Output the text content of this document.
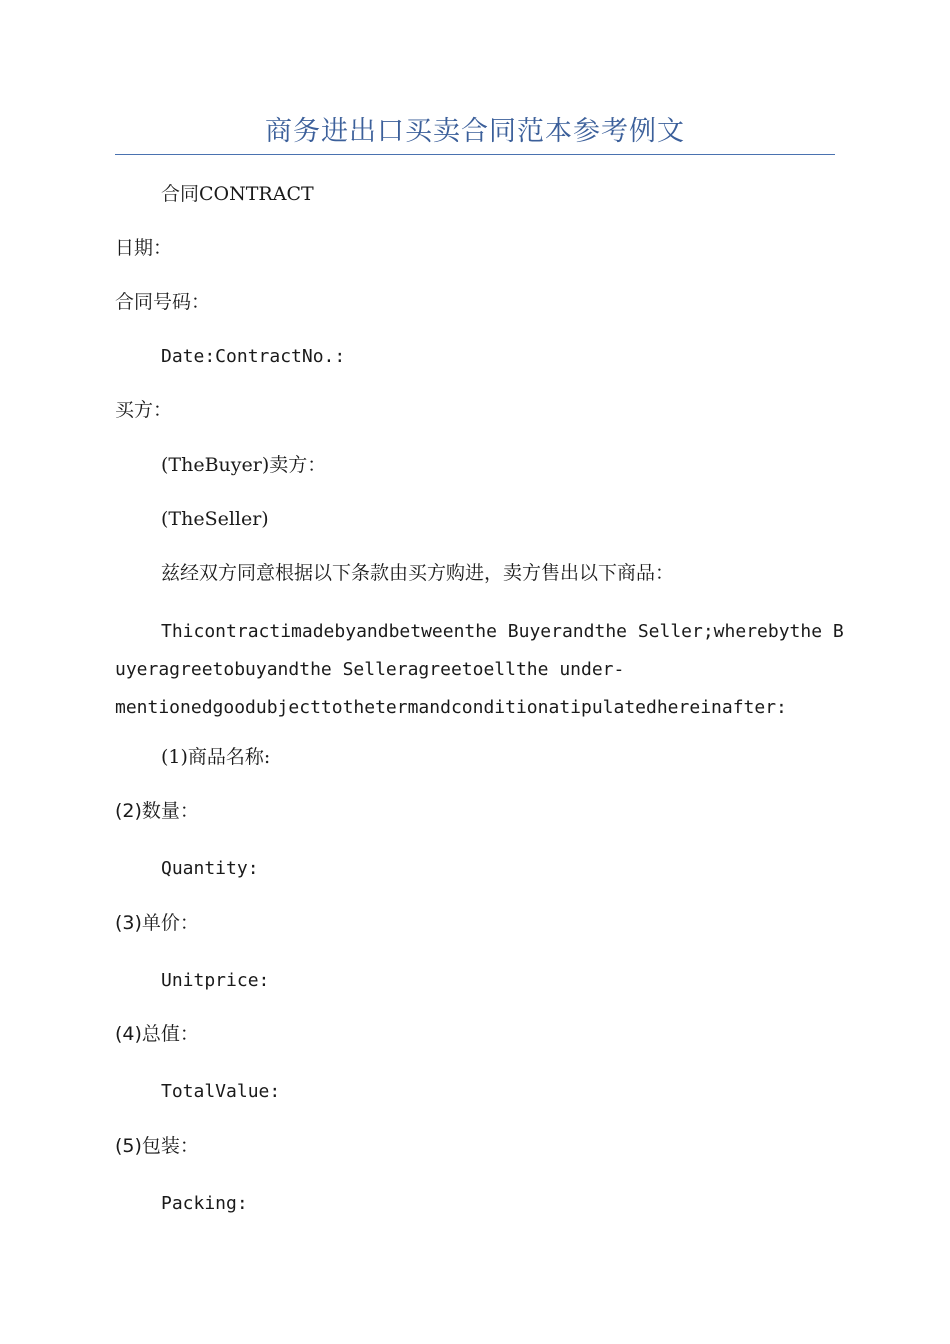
商务进出口买卖合同范本参考例文
合同CONTRACT
日期：
合同号码：
Date:ContractNo.:
买方：
(TheBuyer)卖方：
(TheSeller)
兹经双方同意根据以下条款由买方购进，卖方售出以下商品：
Thicontractimadebyandbetweenthe Buyerandthe Seller;wherebythe B
uyeragreetobuyandthe Selleragreetoellthe under-
mentionedgoodubjecttothetermandconditionatipulatedhereinafter:
(1)商品名称:
(2)数量：
Quantity:
(3)单价：
Unitprice:
(4)总值：
TotalValue:
(5)包装：
Packing:
